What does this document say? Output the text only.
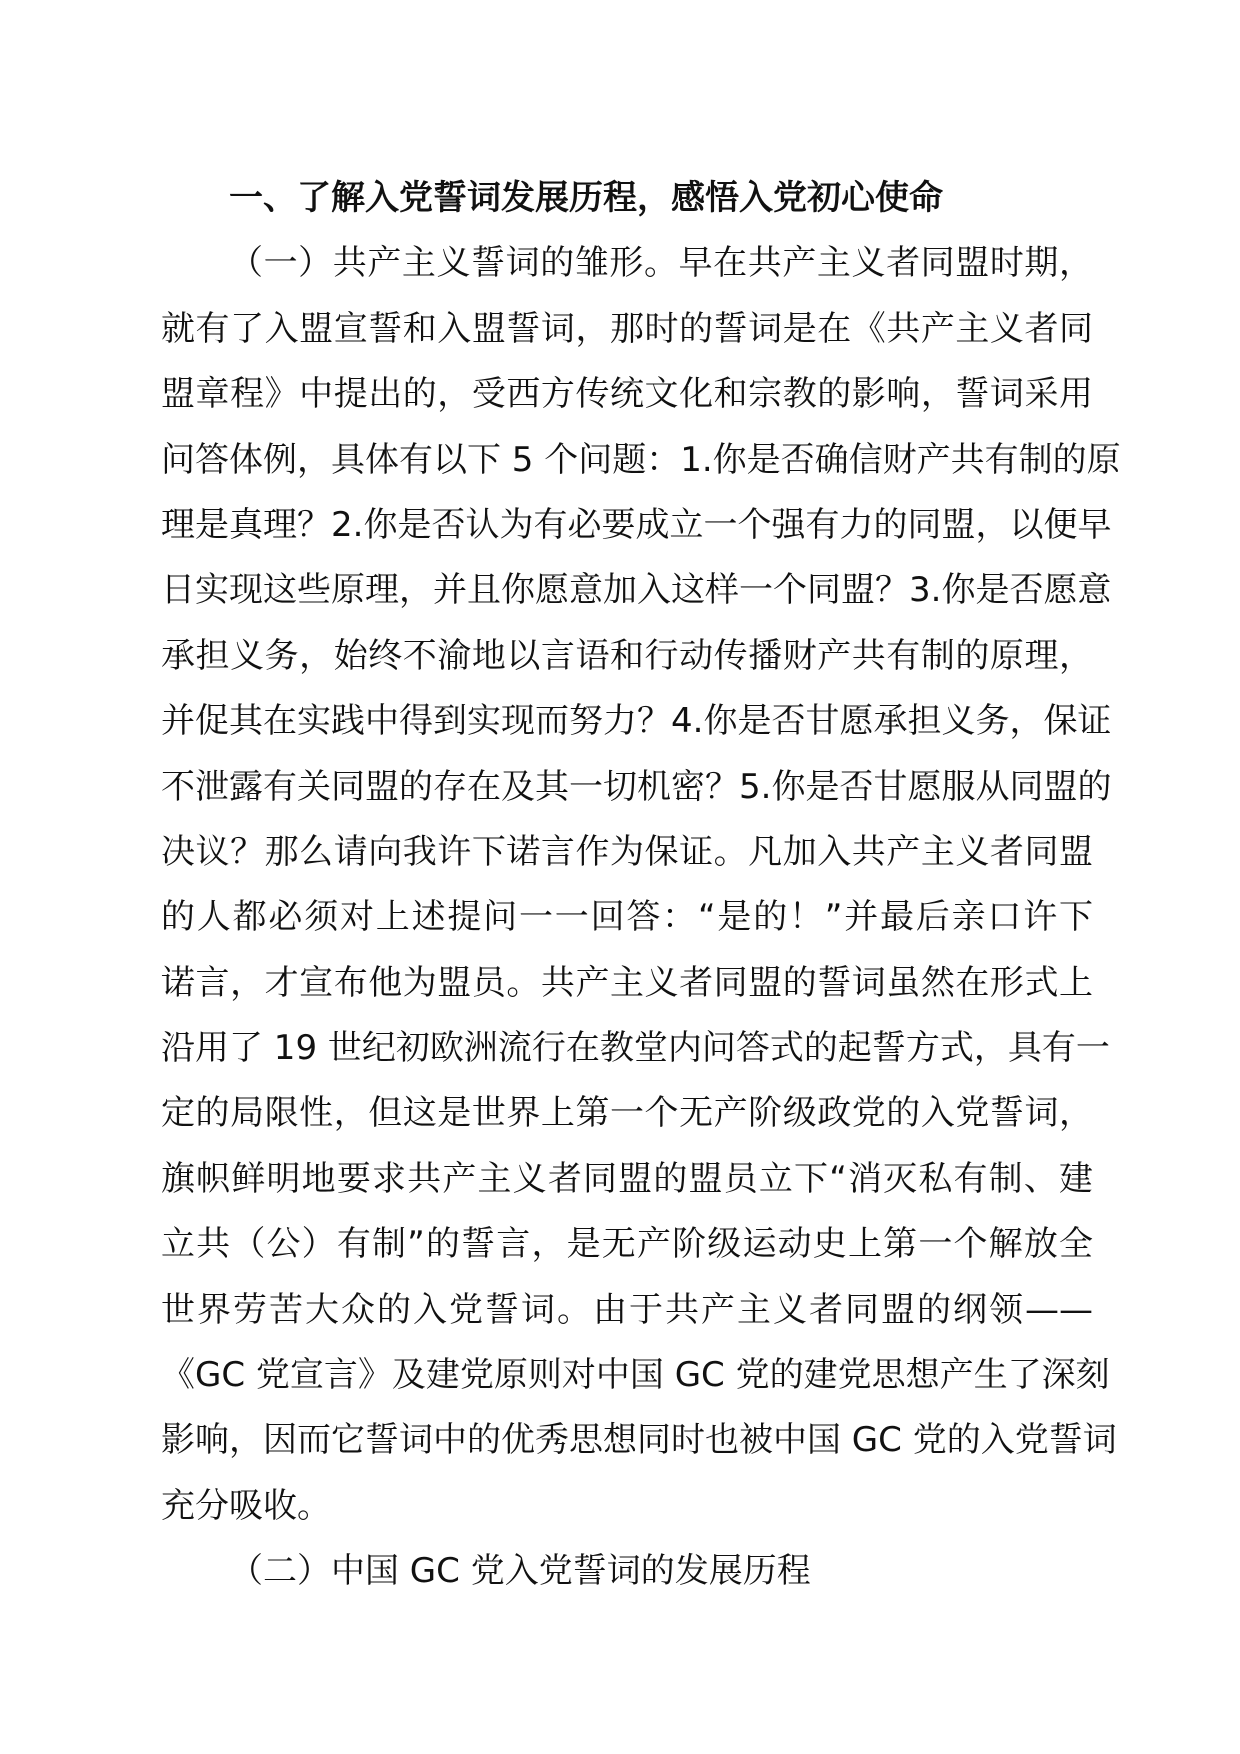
一、了解入党誓词发展历程，感悟入党初心使命
（一）共产主义誓词的雏形。早在共产主义者同盟时期，
就有了入盟宣誓和入盟誓词，那时的誓词是在《共产主义者同
盟章程》中提出的，受西方传统文化和宗教的影响，誓词采用
问答体例，具体有以下 5 个问题：1.你是否确信财产共有制的原
理是真理？2.你是否认为有必要成立一个强有力的同盟，以便早
日实现这些原理，并且你愿意加入这样一个同盟？3.你是否愿意
承担义务，始终不渝地以言语和行动传播财产共有制的原理，
并促其在实践中得到实现而努力？4.你是否甘愿承担义务，保证
不泄露有关同盟的存在及其一切机密？5.你是否甘愿服从同盟的
决议？那么请向我许下诺言作为保证。凡加入共产主义者同盟
的人都必须对上述提问一一回答：“是的！”并最后亲口许下
诺言，才宣布他为盟员。共产主义者同盟的誓词虽然在形式上
沿用了 19 世纪初欧洲流行在教堂内问答式的起誓方式，具有一
定的局限性，但这是世界上第一个无产阶级政党的入党誓词，
旗帜鲜明地要求共产主义者同盟的盟员立下“消灭私有制、建
立共（公）有制”的誓言，是无产阶级运动史上第一个解放全
世界劳苦大众的入党誓词。由于共产主义者同盟的纲领——
《GC 党宣言》及建党原则对中国 GC 党的建党思想产生了深刻
影响，因而它誓词中的优秀思想同时也被中国 GC 党的入党誓词
充分吸收。
（二）中国 GC 党入党誓词的发展历程
